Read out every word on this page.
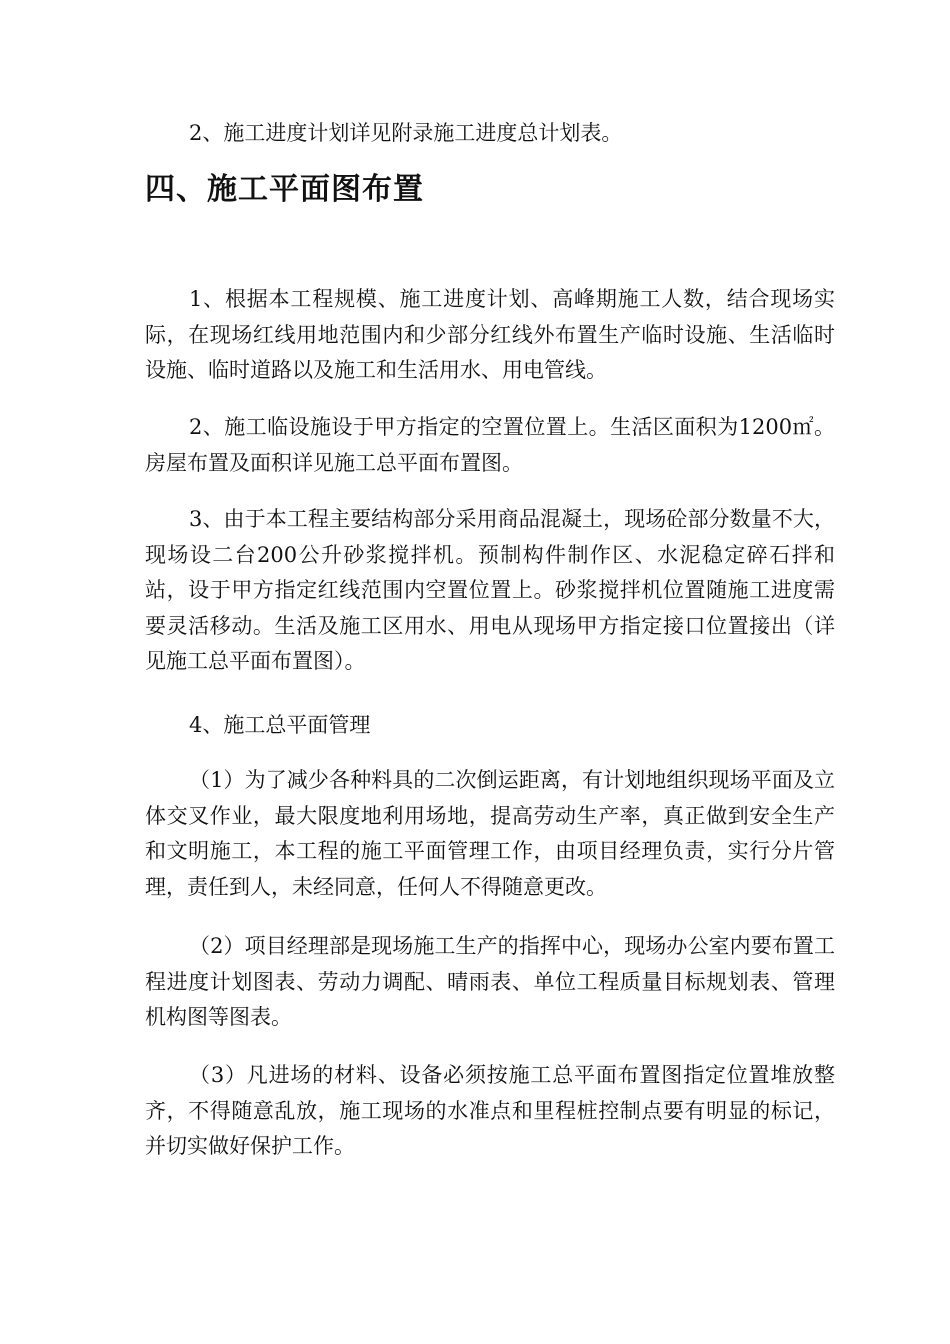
2、施工进度计划详见附录施工进度总计划表。

四、施工平面图布置

1、根据本工程规模、施工进度计划、高峰期施工人数，结合现场实际，在现场红线用地范围内和少部分红线外布置生产临时设施、生活临时设施、临时道路以及施工和生活用水、用电管线。

2、施工临设施设于甲方指定的空置位置上。生活区面积为1200㎡。房屋布置及面积详见施工总平面布置图。

3、由于本工程主要结构部分采用商品混凝土，现场砼部分数量不大，现场设二台200公升砂浆搅拌机。预制构件制作区、水泥稳定碎石拌和站，设于甲方指定红线范围内空置位置上。砂浆搅拌机位置随施工进度需要灵活移动。生活及施工区用水、用电从现场甲方指定接口位置接出（详见施工总平面布置图）。

4、施工总平面管理

（1）为了减少各种料具的二次倒运距离，有计划地组织现场平面及立体交叉作业，最大限度地利用场地，提高劳动生产率，真正做到安全生产和文明施工，本工程的施工平面管理工作，由项目经理负责，实行分片管理，责任到人，未经同意，任何人不得随意更改。

（2）项目经理部是现场施工生产的指挥中心，现场办公室内要布置工程进度计划图表、劳动力调配、晴雨表、单位工程质量目标规划表、管理机构图等图表。

（3）凡进场的材料、设备必须按施工总平面布置图指定位置堆放整齐，不得随意乱放，施工现场的水准点和里程桩控制点要有明显的标记，并切实做好保护工作。
